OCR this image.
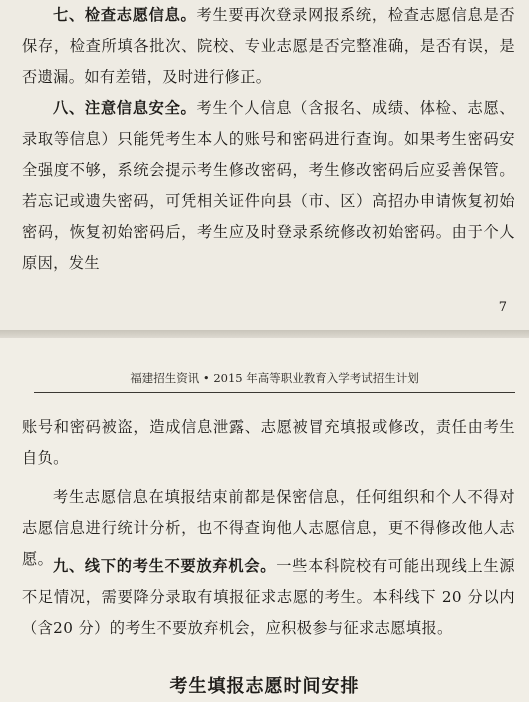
七、检查志愿信息。考生要再次登录网报系统，检查志愿信息是否保存，检查所填各批次、院校、专业志愿是否完整准确，是否有误，是否遗漏。如有差错，及时进行修正。

八、注意信息安全。考生个人信息（含报名、成绩、体检、志愿、录取等信息）只能凭考生本人的账号和密码进行查询。如果考生密码安全强度不够，系统会提示考生修改密码，考生修改密码后应妥善保管。若忘记或遗失密码，可凭相关证件向县（市、区）高招办申请恢复初始密码，恢复初始密码后，考生应及时登录系统修改初始密码。由于个人原因，发生

7
福建招生资讯 • 2015 年高等职业教育入学考试招生计划

账号和密码被盗，造成信息泄露、志愿被冒充填报或修改，责任由考生自负。

考生志愿信息在填报结束前都是保密信息，任何组织和个人不得对志愿信息进行统计分析，也不得查询他人志愿信息，更不得修改他人志愿。 九、线下的考生不要放弃机会。一些本科院校有可能出现线上生源不足情况，需要降分录取有填报征求志愿的考生。本科线下 20 分以内（含20 分）的考生不要放弃机会，应积极参与征求志愿填报。

考生填报志愿时间安排
